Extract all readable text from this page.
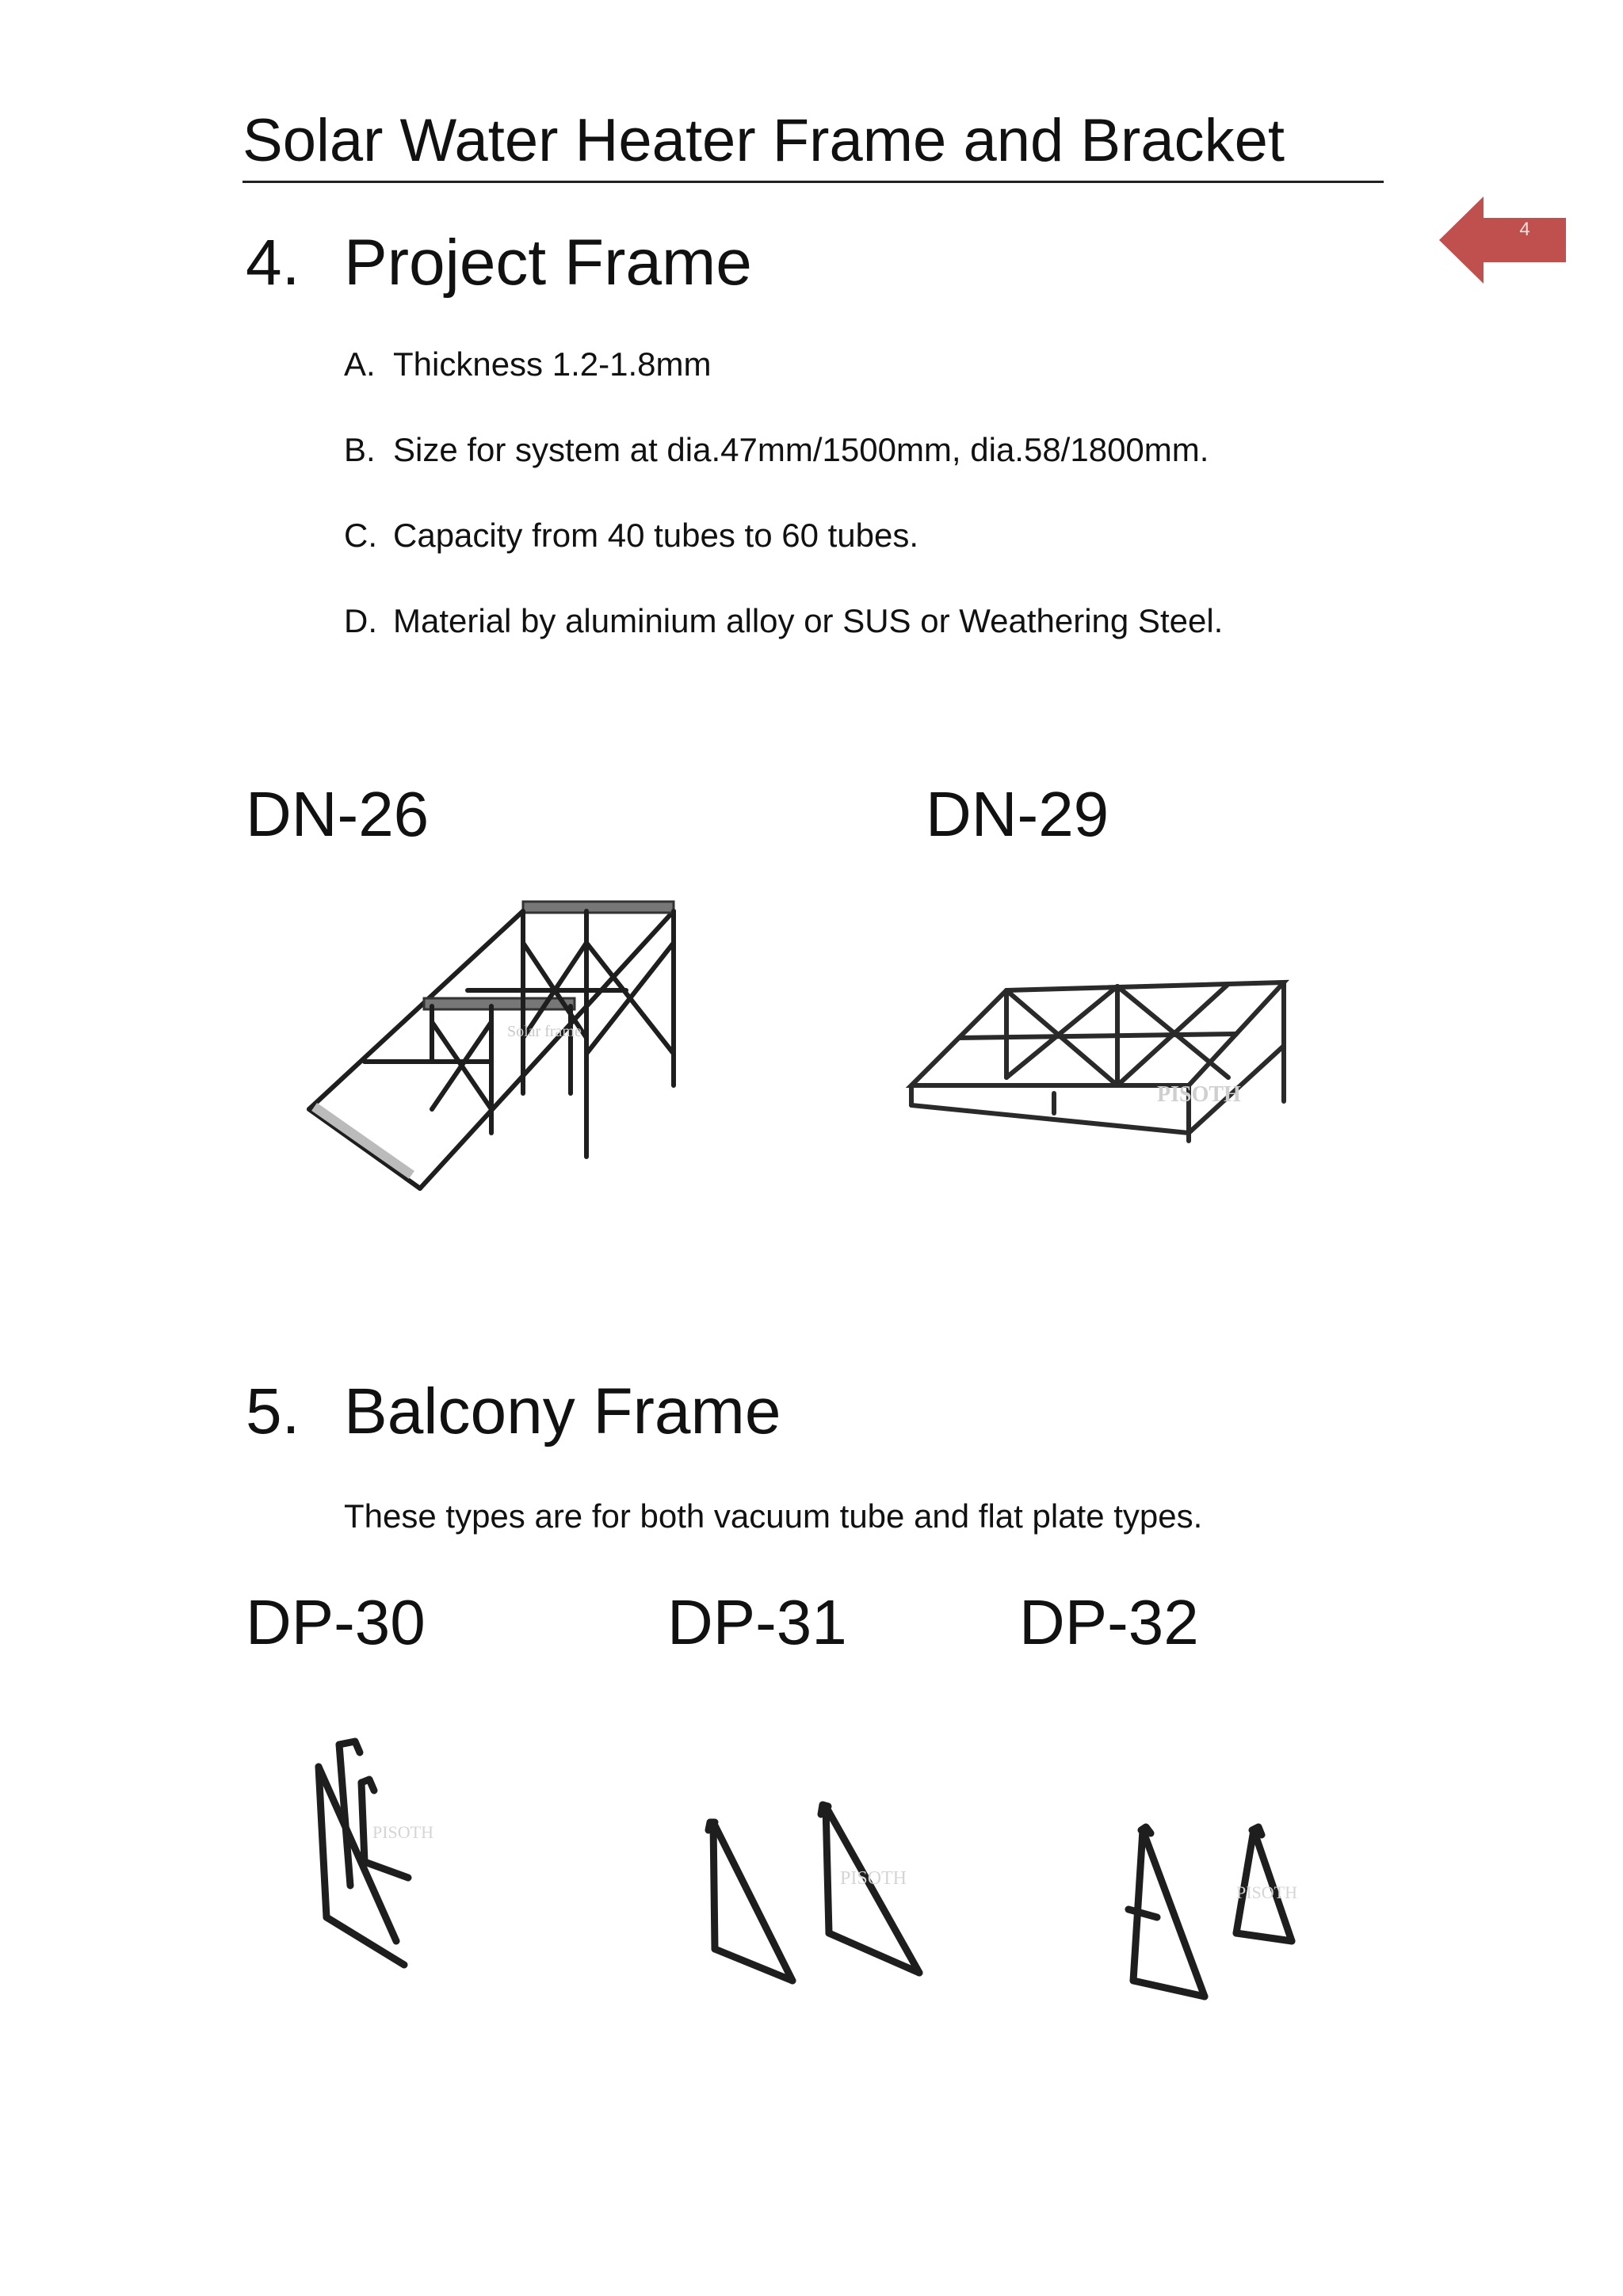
Solar Water Heater Frame and Bracket
4
4. Project Frame
A. Thickness 1.2-1.8mm
B. Size for system at dia.47mm/1500mm, dia.58/1800mm.
C. Capacity from 40 tubes to 60 tubes.
D. Material by aluminium alloy or SUS or Weathering Steel.
DN-26	DN-29
Solar frame
PISOTH
5. Balcony Frame
These types are for both vacuum tube and flat plate types.
DP-30	DP-31	DP-32
PISOTH
PISOTH
PISOTH
